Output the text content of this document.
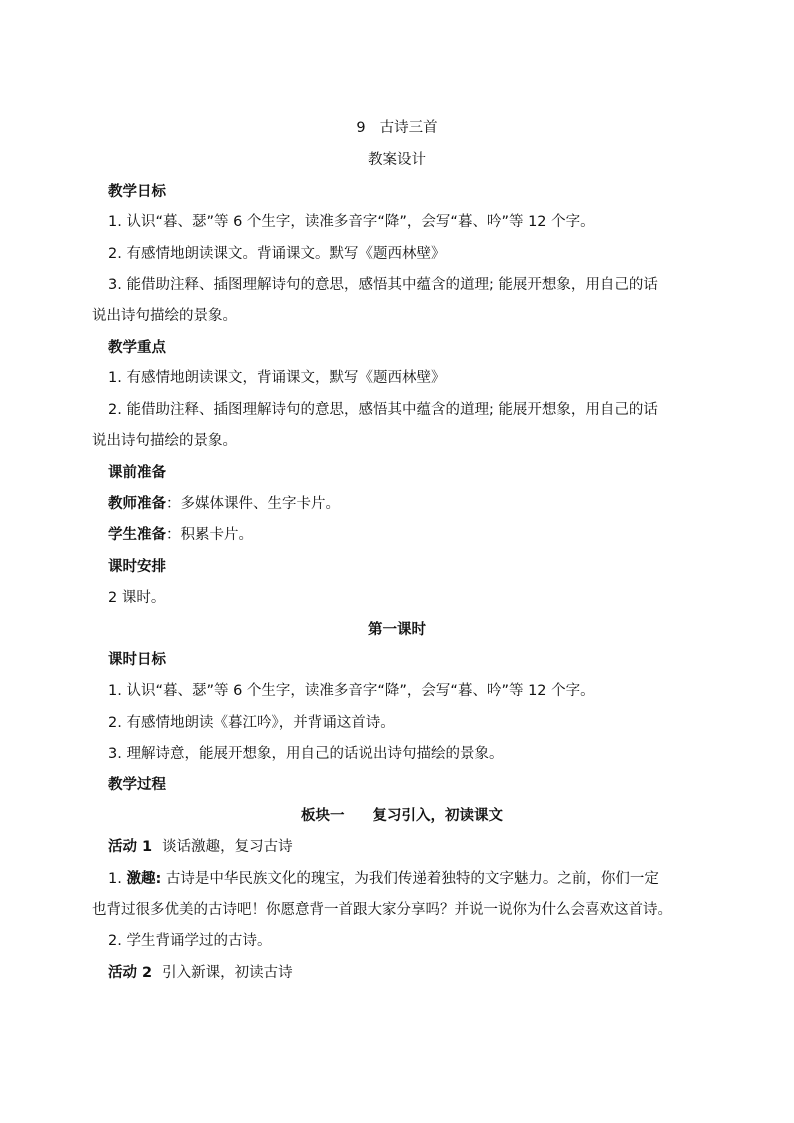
9 古诗三首
教案设计
教学日标
1. 认识“暮、瑟”等 6 个生字，读准多音字“降”，会写“暮、吟”等 12 个字。
2. 有感情地朗读课文。背诵课文。默写《题西林壁》
3. 能借助注释、插图理解诗句的意思，感悟其中蕴含的道理; 能展开想象，用自己的话
说出诗句描绘的景象。
教学重点
1. 有感情地朗读课文，背诵课文，默写《题西林壁》
2. 能借助注释、插图理解诗句的意思，感悟其中蕴含的道理; 能展开想象，用自己的话
说出诗句描绘的景象。
课前准备
教师准备：多媒体课件、生字卡片。
学生准备：积累卡片。
课时安排
2 课时。
第一课时
课时日标
1. 认识“暮、瑟”等 6 个生字，读准多音字“降”，会写“暮、吟”等 12 个字。
2. 有感情地朗读《暮江吟》，并背诵这首诗。
3. 理解诗意，能展开想象，用自己的话说出诗句描绘的景象。
教学过程
板块一 复习引入，初读课文
活动 1 谈话激趣，复习古诗
1. 激趣: 古诗是中华民族文化的瑰宝，为我们传递着独特的文字魅力。之前，你们一定
也背过很多优美的古诗吧！你愿意背一首跟大家分享吗？并说一说你为什么会喜欢这首诗。
2. 学生背诵学过的古诗。
活动 2 引入新课，初读古诗
